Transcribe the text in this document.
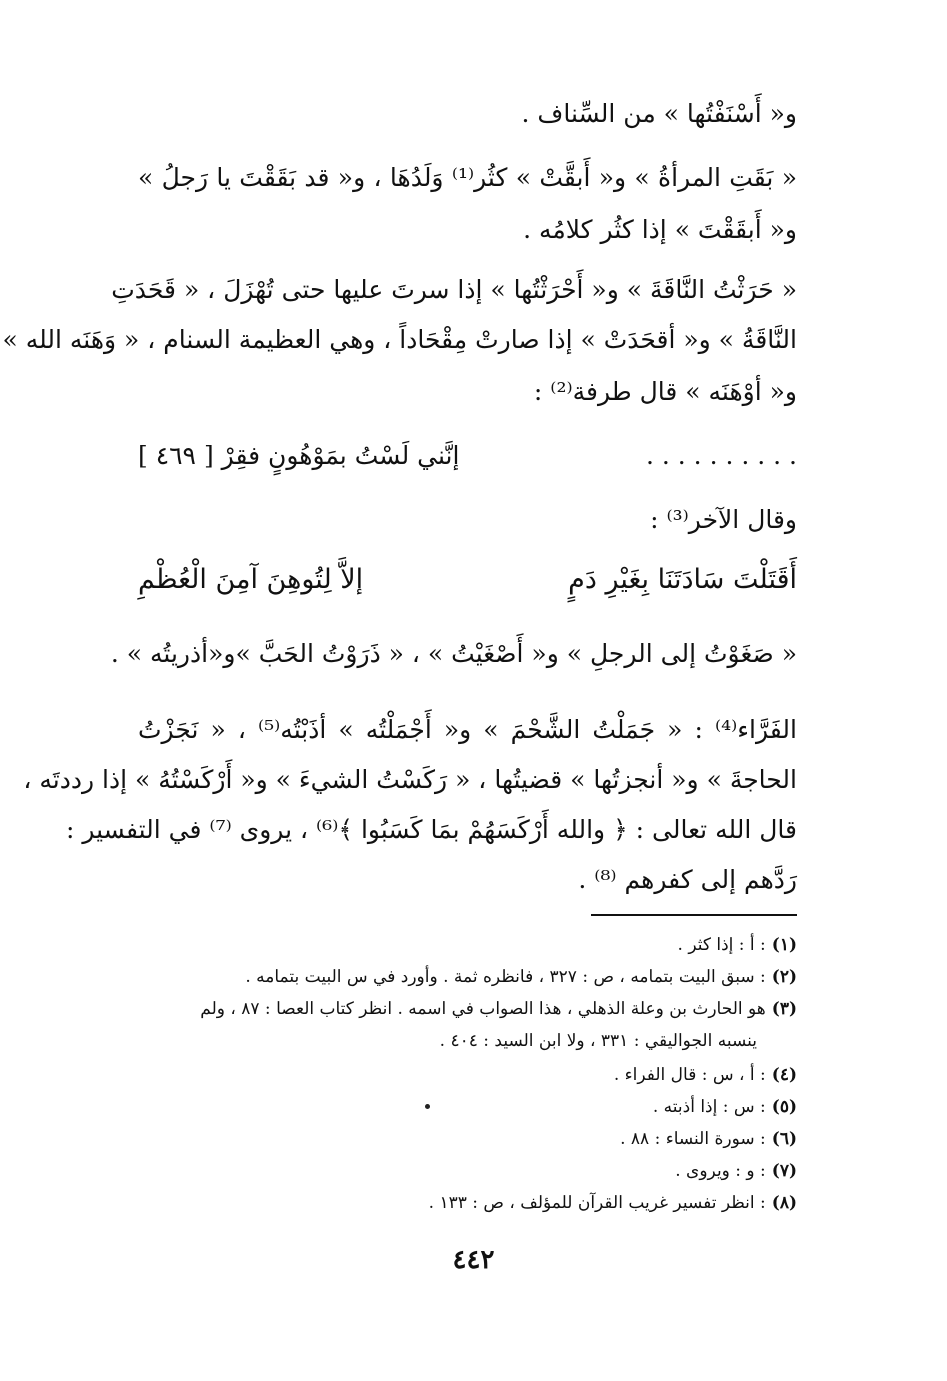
و« أَسْنَفْتُها » من السِّناف .
« بَقَتِ المرأةُ » و« أَبقَّتْ » كثُر⁽¹⁾ وَلَدُهَا ، و« قد بَقَقْتَ يا رَجلُ »
و« أَبقَقْتَ » إذا كثُر كلامُه .
« حَرَثْتُ النَّاقَةَ » و« أَحْرَثْتُها » إذا سرتَ عليها حتى تُهْزَلَ ، « قَحَدَتِ
النَّاقَةُ » و« أقحَدَتْ » إذا صارتْ مِقْحَاداً ، وهي العظيمة السنام ، « وَهَنَه الله »
و« أوْهَنَه » قال طرفة⁽²⁾ :
. . . . . . . . . .
إنَّني لَسْتُ بمَوْهُونٍ فقِرْ [ ٤٦٩ ]
وقال الآخر⁽³⁾ :
أَقَتَلْتَ سَادَتَنَا بِغَيْرِ دَمٍ
إلاَّ لِتُوهِنَ آمِنَ الْعُظْمِ
« صَغَوْتُ إلى الرجلِ » و« أَصْغَيْتُ » ، « ذَرَوْتُ الحَبَّ »و«أذريتُه » .
الفَرَّاء⁽⁴⁾ : « جَمَلْتُ الشَّحْمَ » و« أَجْمَلْتُه » أذَبْتُه⁽⁵⁾ ، « نَجَزْتُ
الحاجةَ » و« أنجزتُها » قضيتُها ، « رَكَسْتُ الشيءَ » و« أَرْكَسْتُهُ » إذا رددتَه ،
قال الله تعالى : ﴿ والله أَرْكَسَهُمْ بمَا كَسَبُوا ﴾⁽⁶⁾ ، يروى ⁽⁷⁾ في التفسير :
رَدَّهم إلى كفرهم ⁽⁸⁾ .
(١): أ : إذا كثر .
(٢): سبق البيت بتمامه ، ص : ٣٢٧ ، فانظره ثمة . وأورد في س البيت بتمامه .
(٣)هو الحارث بن وعلة الذهلي ، هذا الصواب في اسمه . انظر كتاب العصا : ٨٧ ، ولم
ينسبه الجواليقي : ٣٣١ ، ولا ابن السيد : ٤٠٤ .
(٤): أ ، س : قال الفراء .
(٥): س : إذا أذبته .
(٦): سورة النساء : ٨٨ .
(٧): و : ويروى .
(٨): انظر تفسير غريب القرآن للمؤلف ، ص : ١٣٣ .
٤٤٢
